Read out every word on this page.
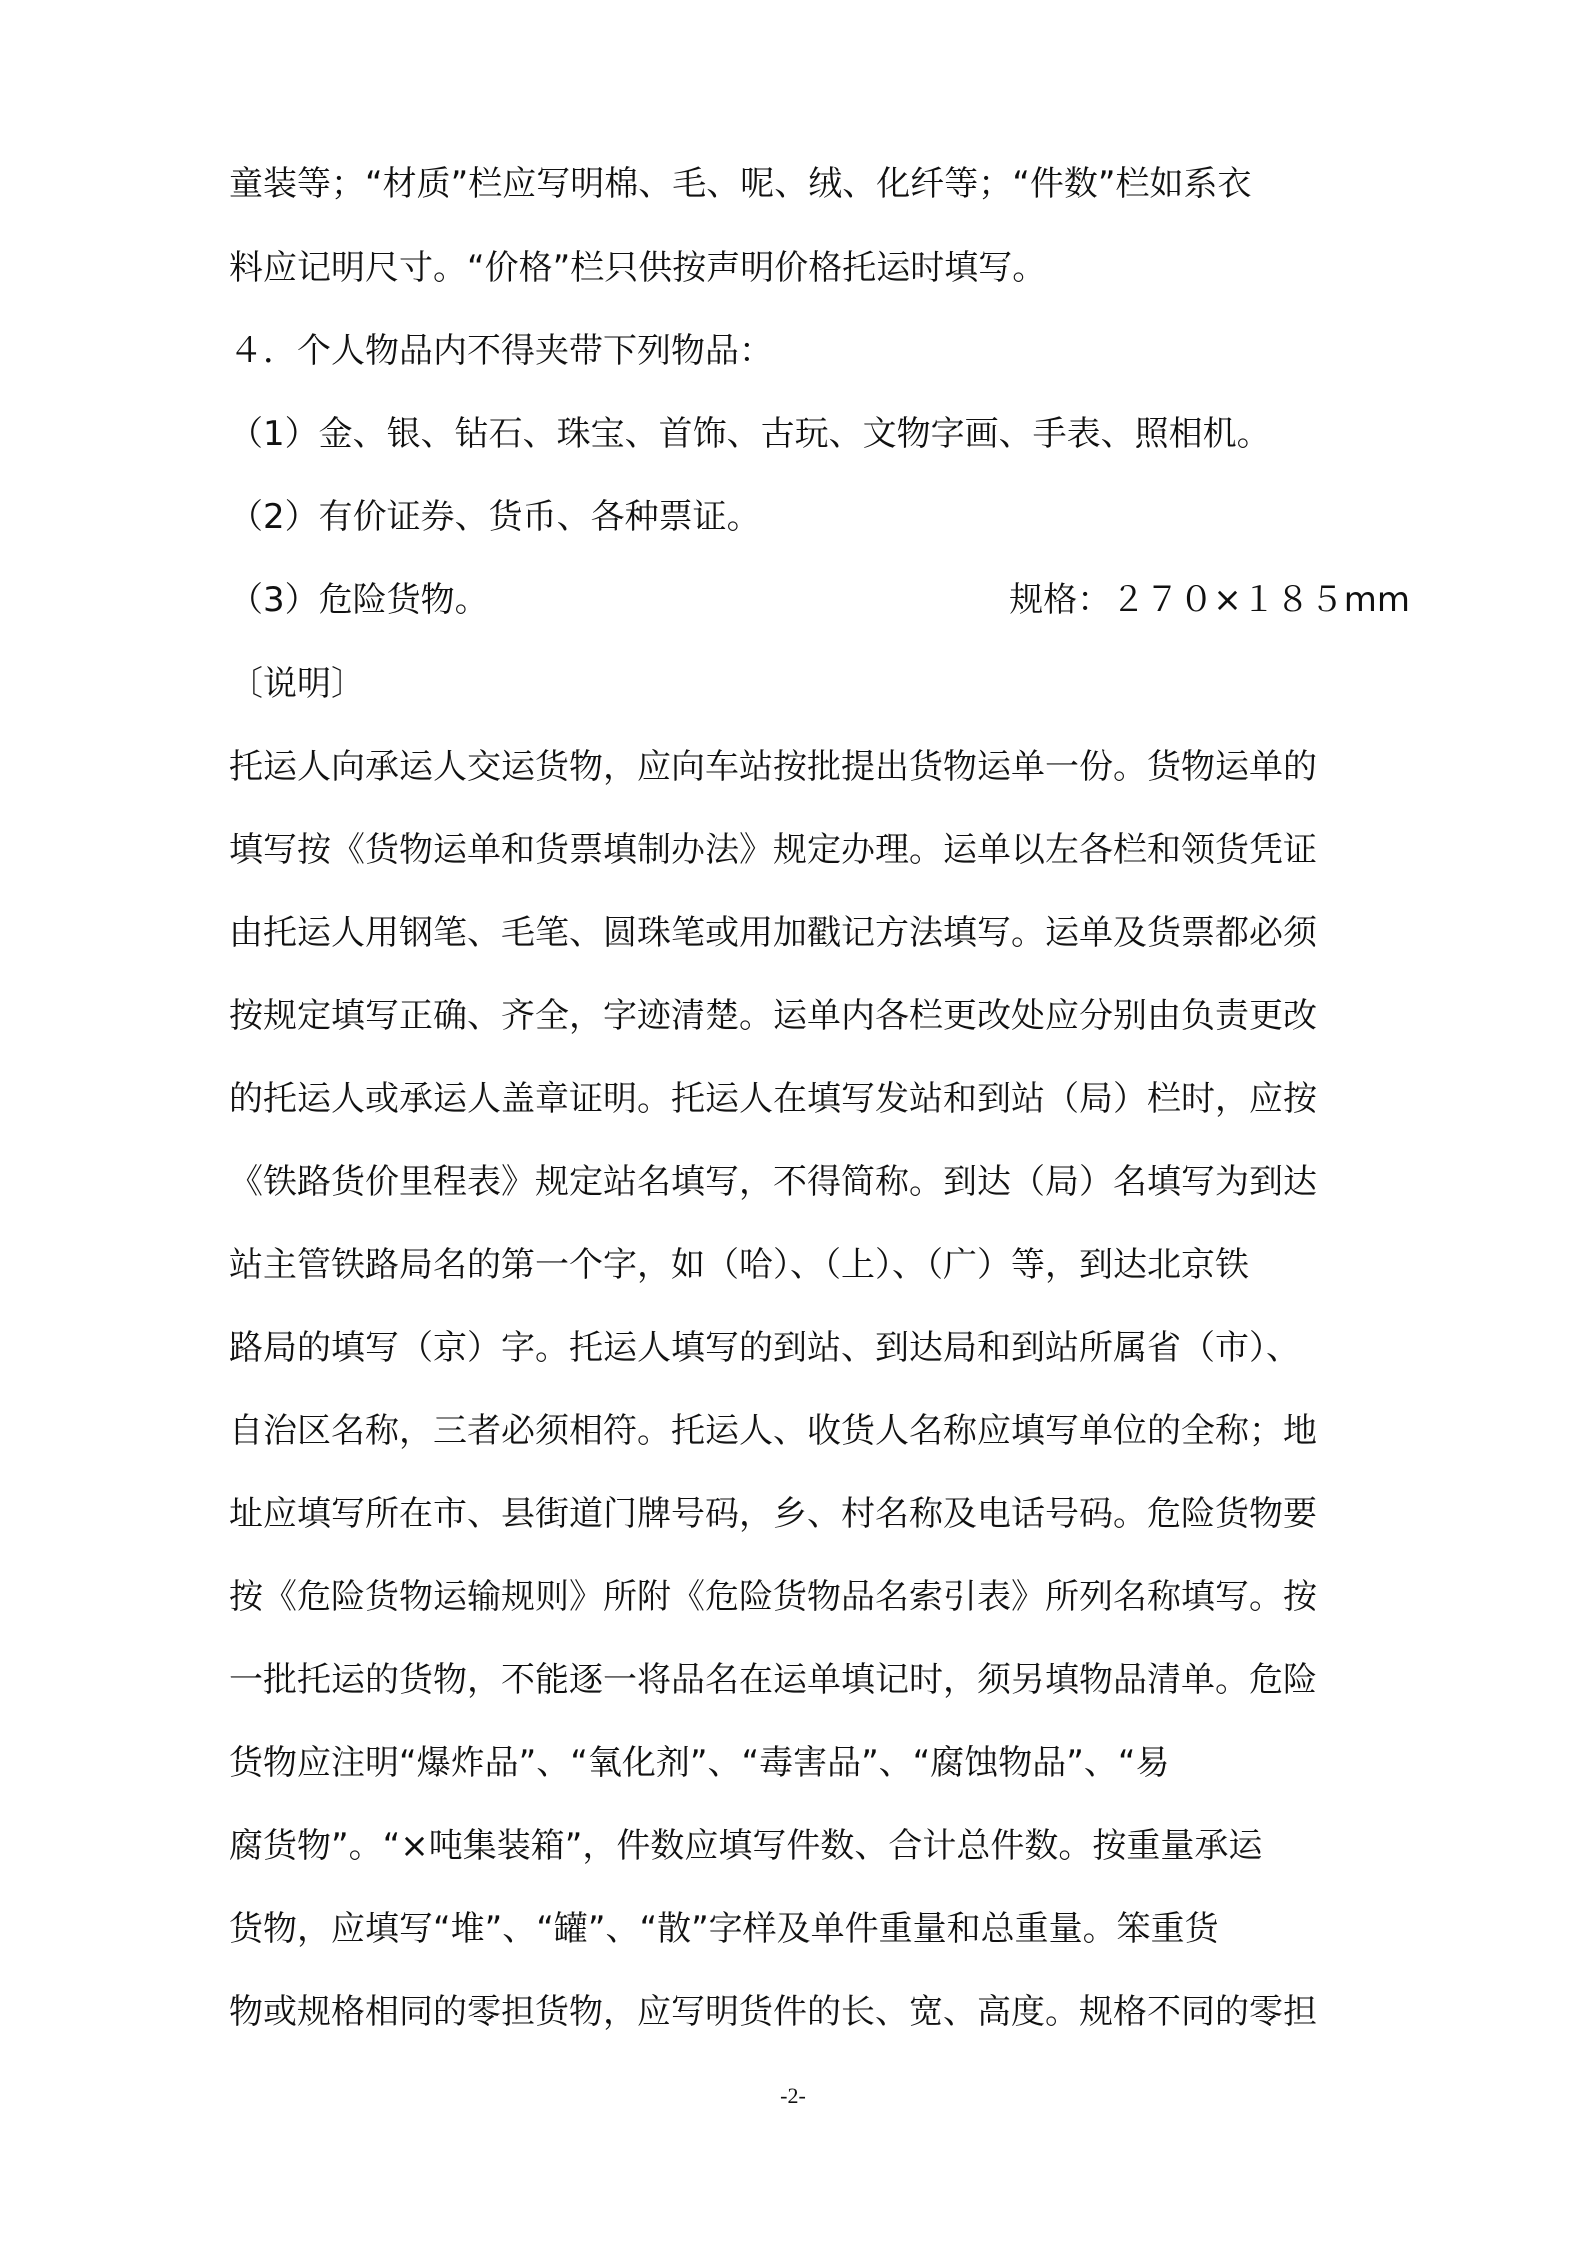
童装等；“材质”栏应写明棉、毛、呢、绒、化纤等；“件数”栏如系衣
料应记明尺寸。“价格”栏只供按声明价格托运时填写。
４．个人物品内不得夹带下列物品：
（1）金、银、钻石、珠宝、首饰、古玩、文物字画、手表、照相机。
（2）有价证券、货币、各种票证。
（3）危险货物。	规格：２７０×１８５mm
〔说明〕
托运人向承运人交运货物，应向车站按批提出货物运单一份。货物运单的
填写按《货物运单和货票填制办法》规定办理。运单以左各栏和领货凭证
由托运人用钢笔、毛笔、圆珠笔或用加戳记方法填写。运单及货票都必须
按规定填写正确、齐全，字迹清楚。运单内各栏更改处应分别由负责更改
的托运人或承运人盖章证明。托运人在填写发站和到站（局）栏时，应按
《铁路货价里程表》规定站名填写，不得简称。到达（局）名填写为到达
站主管铁路局名的第一个字，如（哈）、（上）、（广）等，到达北京铁
路局的填写（京）字。托运人填写的到站、到达局和到站所属省（市）、
自治区名称，三者必须相符。托运人、收货人名称应填写单位的全称；地
址应填写所在市、县街道门牌号码，乡、村名称及电话号码。危险货物要
按《危险货物运输规则》所附《危险货物品名索引表》所列名称填写。按
一批托运的货物，不能逐一将品名在运单填记时，须另填物品清单。危险
货物应注明“爆炸品”、“氧化剂”、“毒害品”、“腐蚀物品”、“易
腐货物”。“×吨集装箱”，件数应填写件数、合计总件数。按重量承运
货物，应填写“堆”、“罐”、“散”字样及单件重量和总重量。笨重货
物或规格相同的零担货物，应写明货件的长、宽、高度。规格不同的零担
-2-
